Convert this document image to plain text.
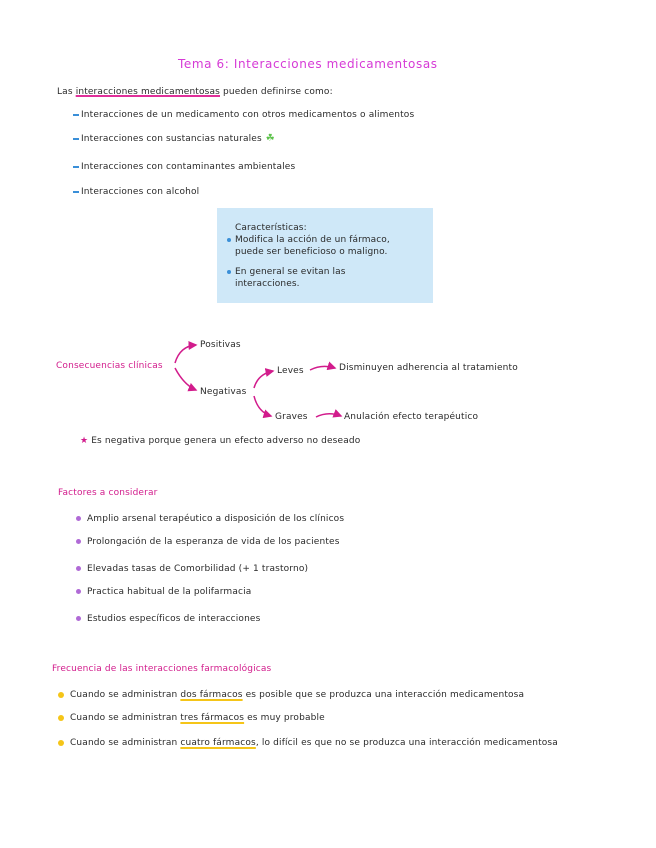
Tema 6: Interacciones medicamentosas
Las interacciones medicamentosas pueden definirse como:
Interacciones de un medicamento con otros medicamentos o alimentos
Interacciones con sustancias naturales ☘
Interacciones con contaminantes ambientales
Interacciones con alcohol
Características:
Modifica la acción de un fármaco,
puede ser beneficioso o maligno.
En general se evitan las
interacciones.
Consecuencias clínicas
Positivas
Negativas
Leves	Disminuyen adherencia al tratamiento
Graves	Anulación efecto terapéutico
★ Es negativa porque genera un efecto adverso no deseado
Factores a considerar
Amplio arsenal terapéutico a disposición de los clínicos
Prolongación de la esperanza de vida de los pacientes
Elevadas tasas de Comorbilidad (+ 1 trastorno)
Practica habitual de la polifarmacia
Estudios específicos de interacciones
Frecuencia de las interacciones farmacológicas
Cuando se administran dos fármacos es posible que se produzca una interacción medicamentosa
Cuando se administran tres fármacos es muy probable
Cuando se administran cuatro fármacos, lo difícil es que no se produzca una interacción medicamentosa
